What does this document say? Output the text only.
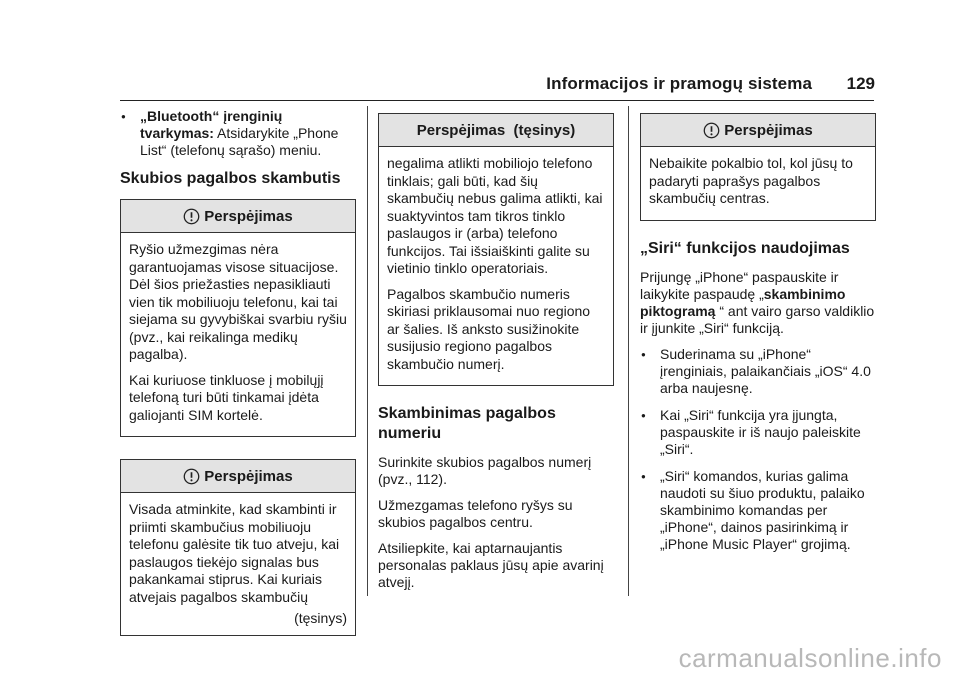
Informacijos ir pramogų sistema 129
● „Bluetooth“ įrenginių tvarkymas: Atsidarykite „Phone List“ (telefonų sąrašo) meniu.
Skubios pagalbos skambutis
Perspėjimas

Ryšio užmezgimas nėra garantuojamas visose situacijose. Dėl šios priežasties nepasikliauti vien tik mobiliuoju telefonu, kai tai siejama su gyvybiškai svarbiu ryšiu (pvz., kai reikalinga medikų pagalba).

Kai kuriuose tinkluose į mobilųjį telefoną turi būti tinkamai įdėta galiojanti SIM kortelė.

Perspėjimas

Visada atminkite, kad skambinti ir priimti skambučius mobiliuoju telefonu galėsite tik tuo atveju, kai paslaugos tiekėjo signalas bus pakankamai stiprus. Kai kuriais atvejais pagalbos skambučių

(tęsinys)
Perspėjimas  (tęsinys)

negalima atlikti mobiliojo telefono tinklais; gali būti, kad šių skambučių nebus galima atlikti, kai suaktyvintos tam tikros tinklo paslaugos ir (arba) telefono funkcijos. Tai išsiaiškinti galite su vietinio tinklo operatoriais.

Pagalbos skambučio numeris skiriasi priklausomai nuo regiono ar šalies. Iš anksto susižinokite susijusio regiono pagalbos skambučio numerį.

Skambinimas pagalbos numeriu

Surinkite skubios pagalbos numerį (pvz., 112).

Užmezgamas telefono ryšys su skubios pagalbos centru.

Atsiliepkite, kai aptarnaujantis personalas paklaus jūsų apie avarinį atvejį.

Perspėjimas

Nebaikite pokalbio tol, kol jūsų to padaryti paprašys pagalbos skambučių centras.

„Siri“ funkcijos naudojimas

Prijungę „iPhone“ paspauskite ir laikykite paspaudę „skambinimo piktogramą “ ant vairo garso valdiklio ir įjunkite „Siri“ funkciją.

● Suderinama su „iPhone“ įrenginiais, palaikančiais „iOS“ 4.0 arba naujesnę.
● Kai „Siri“ funkcija yra įjungta, paspauskite ir iš naujo paleiskite „Siri“.
● „Siri“ komandos, kurias galima naudoti su šiuo produktu, palaiko skambinimo komandas per „iPhone“, dainos pasirinkimą ir „iPhone Music Player“ grojimą.
carmanualsonline.info
